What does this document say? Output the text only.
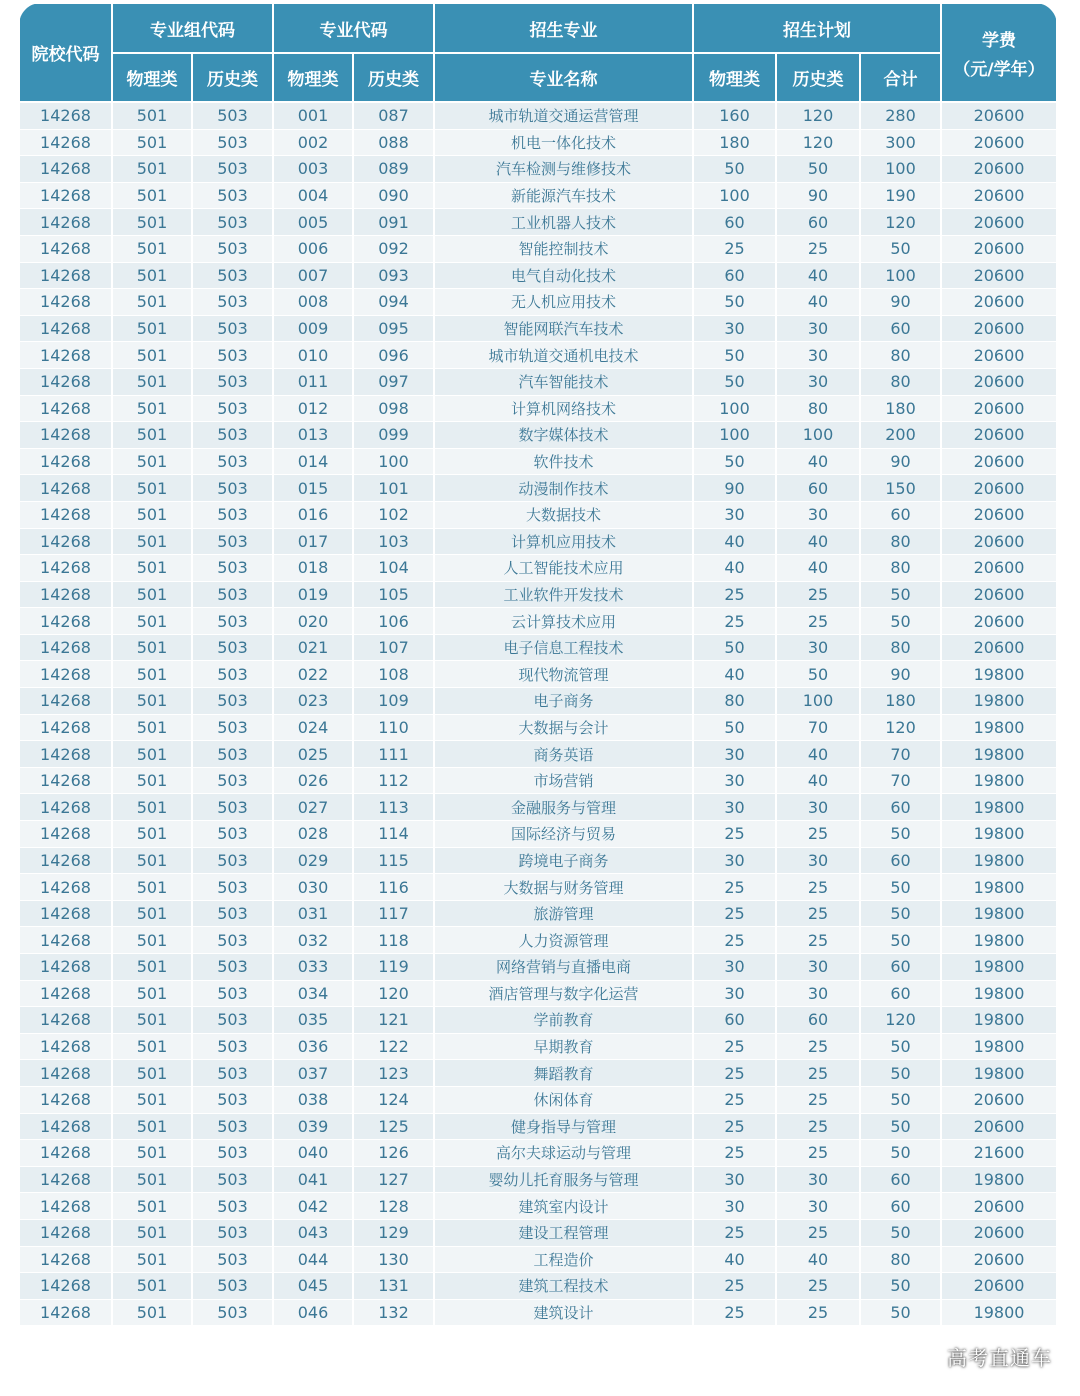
院校代码	专业组代码		专业代码		招生专业	招生计划			学费
（元/学年）

	物理类	历史类	物理类	历史类	专业名称	物理类	历史类	合计	
14268	501	503	001	087	城市轨道交通运营管理	160	120	280	20600
14268	501	503	002	088	机电一体化技术	180	120	300	20600
14268	501	503	003	089	汽车检测与维修技术	50	50	100	20600
14268	501	503	004	090	新能源汽车技术	100	90	190	20600
14268	501	503	005	091	工业机器人技术	60	60	120	20600
14268	501	503	006	092	智能控制技术	25	25	50	20600
14268	501	503	007	093	电气自动化技术	60	40	100	20600
14268	501	503	008	094	无人机应用技术	50	40	90	20600
14268	501	503	009	095	智能网联汽车技术	30	30	60	20600
14268	501	503	010	096	城市轨道交通机电技术	50	30	80	20600
14268	501	503	011	097	汽车智能技术	50	30	80	20600
14268	501	503	012	098	计算机网络技术	100	80	180	20600
14268	501	503	013	099	数字媒体技术	100	100	200	20600
14268	501	503	014	100	软件技术	50	40	90	20600
14268	501	503	015	101	动漫制作技术	90	60	150	20600
14268	501	503	016	102	大数据技术	30	30	60	20600
14268	501	503	017	103	计算机应用技术	40	40	80	20600
14268	501	503	018	104	人工智能技术应用	40	40	80	20600
14268	501	503	019	105	工业软件开发技术	25	25	50	20600
14268	501	503	020	106	云计算技术应用	25	25	50	20600
14268	501	503	021	107	电子信息工程技术	50	30	80	20600
14268	501	503	022	108	现代物流管理	40	50	90	19800
14268	501	503	023	109	电子商务	80	100	180	19800
14268	501	503	024	110	大数据与会计	50	70	120	19800
14268	501	503	025	111	商务英语	30	40	70	19800
14268	501	503	026	112	市场营销	30	40	70	19800
14268	501	503	027	113	金融服务与管理	30	30	60	19800
14268	501	503	028	114	国际经济与贸易	25	25	50	19800
14268	501	503	029	115	跨境电子商务	30	30	60	19800
14268	501	503	030	116	大数据与财务管理	25	25	50	19800
14268	501	503	031	117	旅游管理	25	25	50	19800
14268	501	503	032	118	人力资源管理	25	25	50	19800
14268	501	503	033	119	网络营销与直播电商	30	30	60	19800
14268	501	503	034	120	酒店管理与数字化运营	30	30	60	19800
14268	501	503	035	121	学前教育	60	60	120	19800
14268	501	503	036	122	早期教育	25	25	50	19800
14268	501	503	037	123	舞蹈教育	25	25	50	19800
14268	501	503	038	124	休闲体育	25	25	50	20600
14268	501	503	039	125	健身指导与管理	25	25	50	20600
14268	501	503	040	126	高尔夫球运动与管理	25	25	50	21600
14268	501	503	041	127	婴幼儿托育服务与管理	30	30	60	19800
14268	501	503	042	128	建筑室内设计	30	30	60	20600
14268	501	503	043	129	建设工程管理	25	25	50	20600
14268	501	503	044	130	工程造价	40	40	80	20600
14268	501	503	045	131	建筑工程技术	25	25	50	20600
14268	501	503	046	132	建筑设计	25	25	50	19800
高考直通车
